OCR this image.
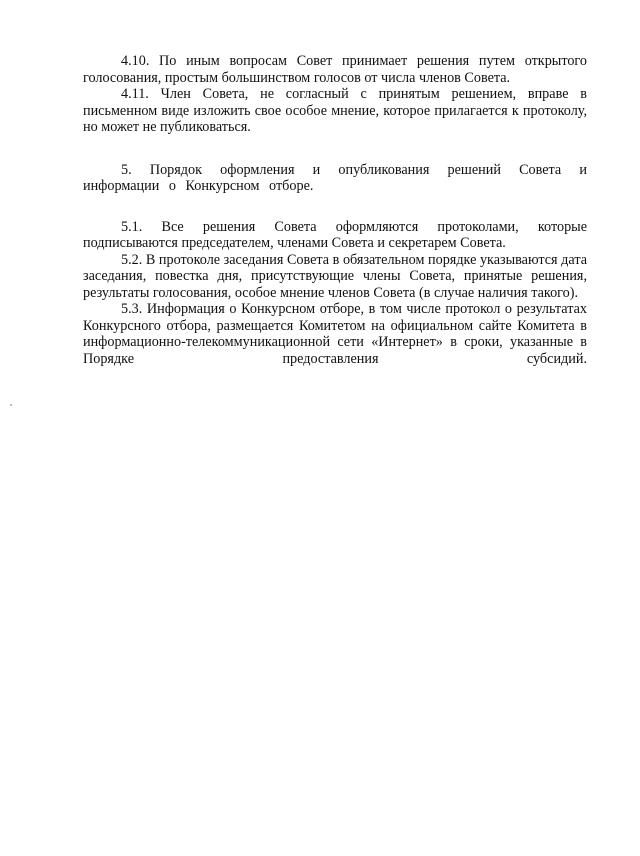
4.10. По иным вопросам Совет принимает решения путем открытого голосования, простым большинством голосов от числа членов Совета.

4.11. Член Совета, не согласный с принятым решением, вправе в письменном виде изложить свое особое мнение, которое прилагается к протоколу, но может не публиковаться.

5. Порядок оформления и опубликования решений Совета и информации о Конкурсном отборе.

5.1. Все решения Совета оформляются протоколами, которые подписываются председателем, членами Совета и секретарем Совета.

5.2. В протоколе заседания Совета в обязательном порядке указываются дата заседания, повестка дня, присутствующие члены Совета, принятые решения, результаты голосования, особое мнение членов Совета (в случае наличия такого).

5.3. Информация о Конкурсном отборе, в том числе протокол о результатах Конкурсного отбора, размещается Комитетом на официальном сайте Комитета в информационно-телекоммуникационной сети «Интернет» в сроки, указанные в Порядке предоставления субсидий.
